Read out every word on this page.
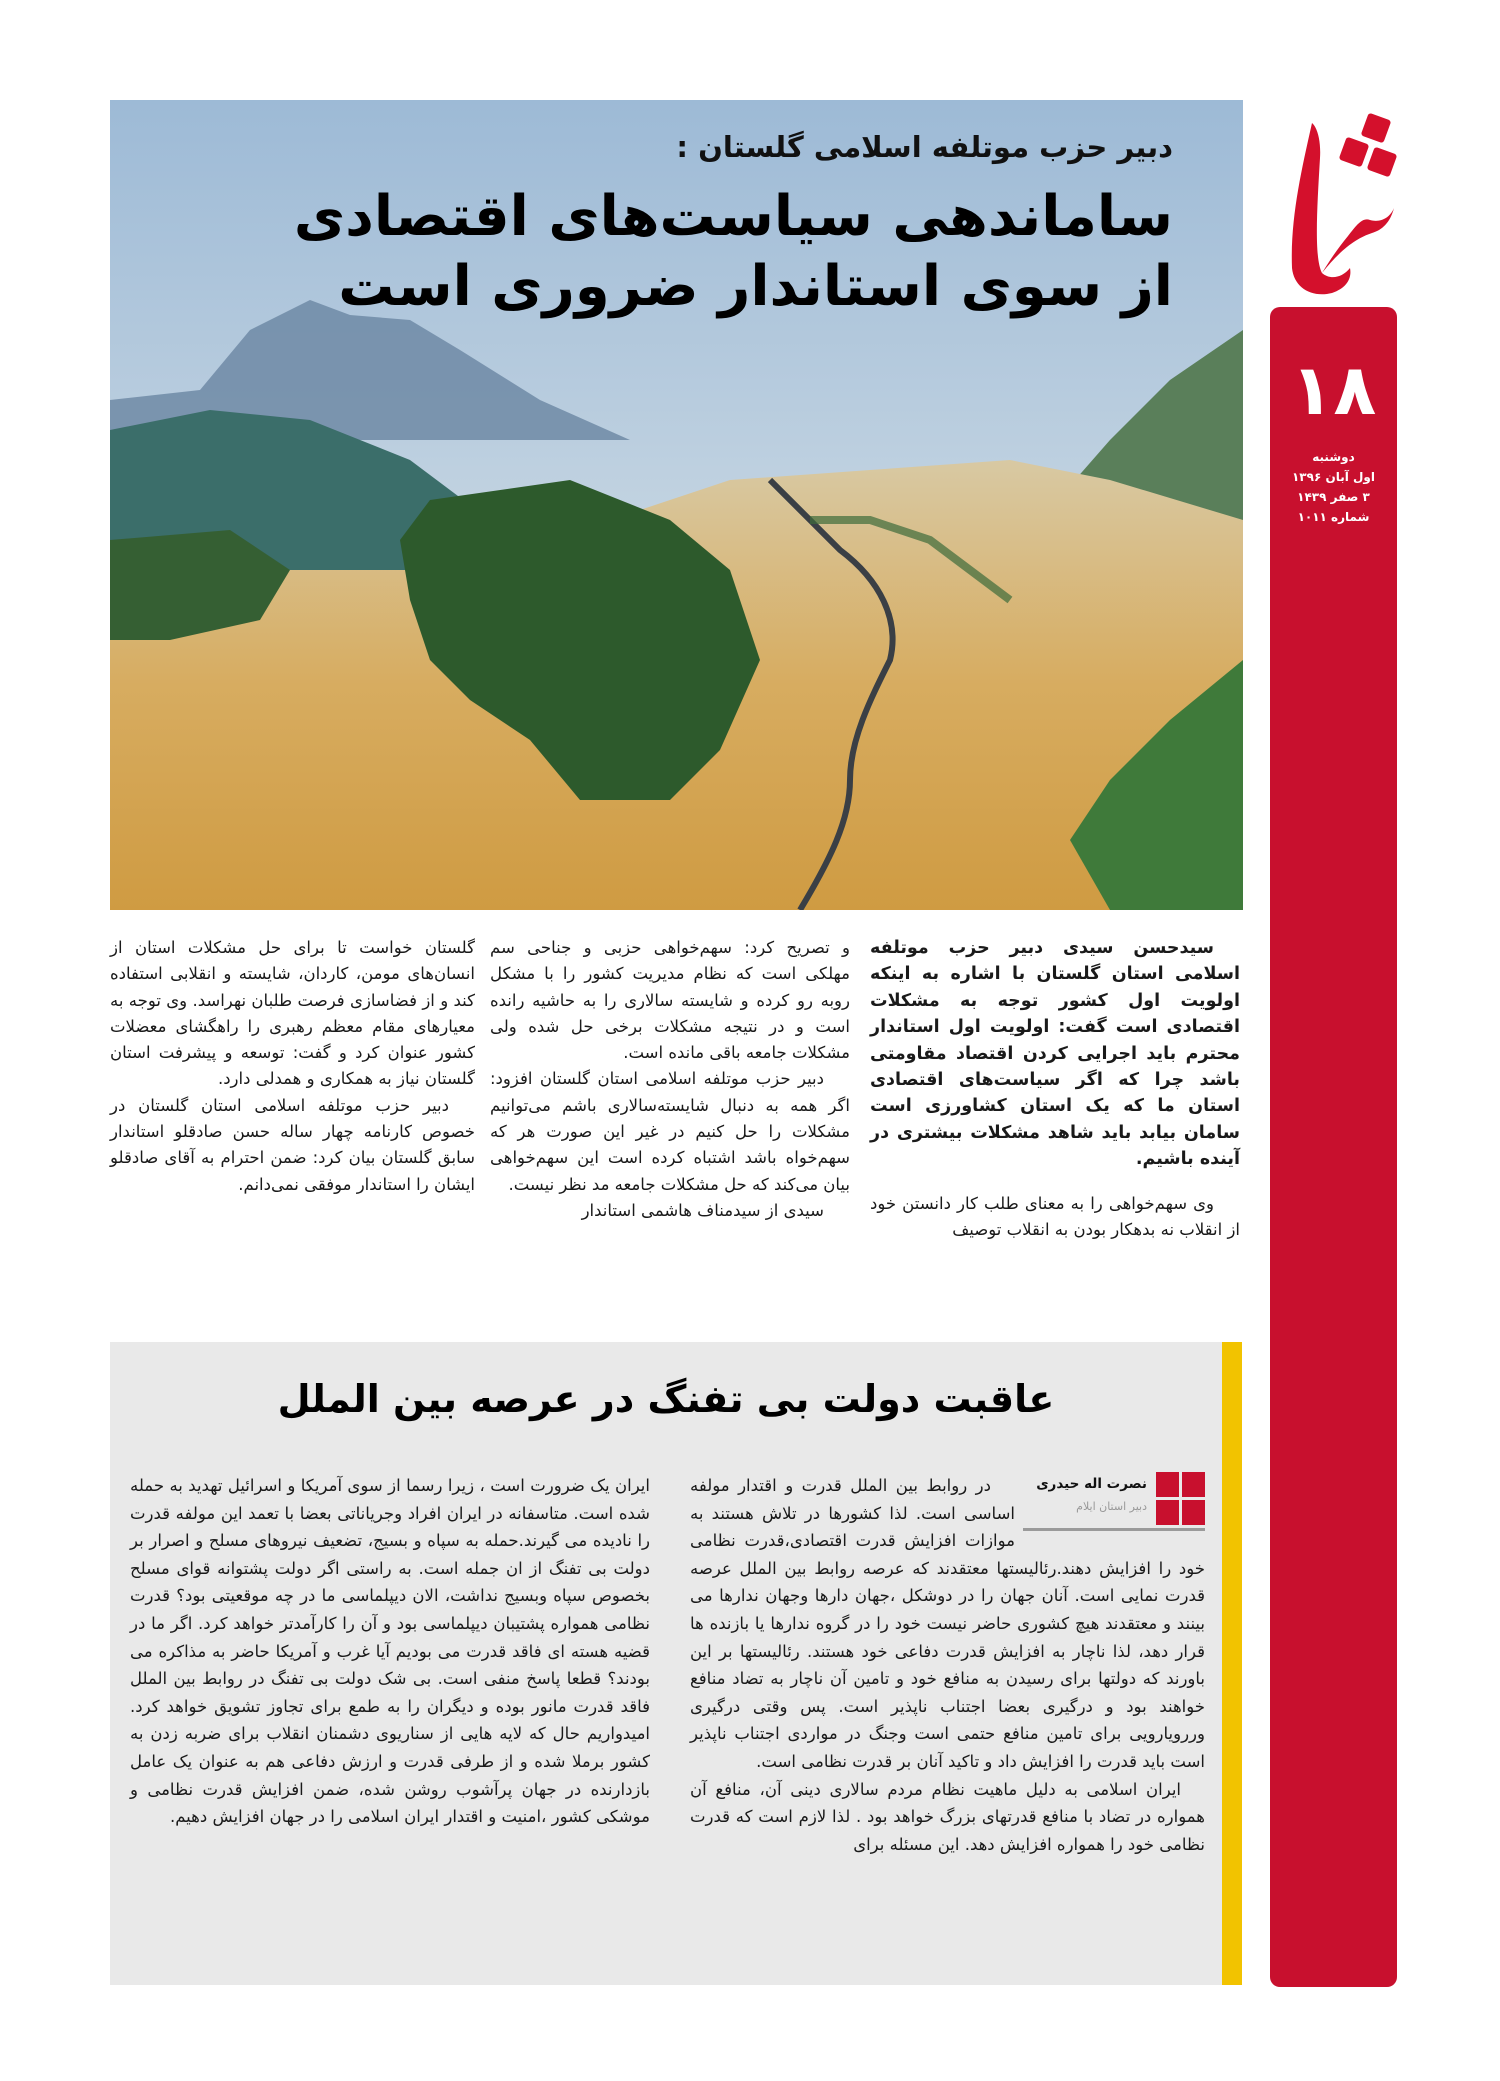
۱۸
دوشنبه
اول آبان ۱۳۹۶
۳ صفر ۱۴۳۹
شماره ۱۰۱۱
دبیر حزب موتلفه اسلامی گلستان :
ساماندهی سیاست‌های اقتصادی
از سوی استاندار ضروری است

سیدحسن سیدی دبیر حزب موتلفه اسلامی استان گلستان با اشاره به اینکه اولویت اول کشور توجه به مشکلات اقتصادی است گفت: اولویت اول استاندار محترم باید اجرایی کردن اقتصاد مقاومتی باشد چرا که اگر سیاست‌های اقتصادی استان ما که یک استان کشاورزی است سامان بیابد باید شاهد مشکلات بیشتری در آینده باشیم.

وی سهم‌خواهی را به معنای طلب کار دانستن خود از انقلاب نه بدهکار بودن به انقلاب توصیف

و تصریح کرد: سهم‌خواهی حزبی و جناحی سم مهلکی است که نظام مدیریت کشور را با مشکل روبه رو کرده و شایسته سالاری را به حاشیه رانده است و در نتیجه مشکلات برخی حل شده ولی مشکلات جامعه باقی مانده است.

دبیر حزب موتلفه اسلامی استان گلستان افزود: اگر همه به دنبال شایسته‌سالاری باشم می‌توانیم مشکلات را حل کنیم در غیر این صورت هر که سهم‌خواه باشد اشتباه کرده است این سهم‌خواهی بیان می‌کند که حل مشکلات جامعه مد نظر نیست.

سیدی از سیدمناف هاشمی استاندار

گلستان خواست تا برای حل مشکلات استان از انسان‌های مومن، کاردان، شایسته و انقلابی استفاده کند و از فضاسازی فرصت طلبان نهراسد. وی توجه به معیارهای مقام معظم رهبری را راهگشای معضلات کشور عنوان کرد و گفت: توسعه و پیشرفت استان گلستان نیاز به همکاری و همدلی دارد.

دبیر حزب موتلفه اسلامی استان گلستان در خصوص کارنامه چهار ساله حسن صادقلو استاندار سابق گلستان بیان کرد: ضمن احترام به آقای صادقلو ایشان را استاندار موفقی نمی‌دانم.

عاقبت دولت بی تفنگ در عرصه بین الملل
نصرت اله حیدری
دبیر استان ایلام

در روابط بین الملل قدرت و اقتدار مولفه اساسی است. لذا کشورها در تلاش هستند به موازات افزایش قدرت اقتصادی،قدرت نظامی خود را افزایش دهند.رئالیستها معتقدند که عرصه روابط بین الملل عرصه قدرت نمایی است. آنان جهان را در دوشکل ،جهان دارها وجهان ندارها می بینند و معتقدند هیچ کشوری حاضر نیست خود را در گروه ندارها یا بازنده ها قرار دهد، لذا ناچار به افزایش قدرت دفاعی خود هستند. رئالیستها بر این باورند که دولتها برای رسیدن به منافع خود و تامین آن ناچار به تضاد منافع خواهند بود و درگیری بعضا اجتناب ناپذیر است. پس وقتی درگیری وررویارویی برای تامین منافع حتمی است وجنگ در مواردی اجتناب ناپذیر است باید قدرت را افزایش داد و تاکید آنان بر قدرت نظامی است.

ایران اسلامی به دلیل ماهیت نظام مردم سالاری دینی آن، منافع آن همواره در تضاد با منافع قدرتهای بزرگ خواهد بود . لذا لازم است که قدرت نظامی خود را همواره افزایش دهد. این مسئله برای

ایران یک ضرورت است ، زیرا رسما از سوی آمریکا و اسرائیل تهدید به حمله شده است. متاسفانه در ایران افراد وجریاناتی بعضا با تعمد این مولفه قدرت را نادیده می گیرند.حمله به سپاه و بسیج، تضعیف نیروهای مسلح و اصرار بر دولت بی تفنگ از ان جمله است. به راستی اگر دولت پشتوانه قوای مسلح بخصوص سپاه وبسیج نداشت، الان دیپلماسی ما در چه موقعیتی بود؟ قدرت نظامی همواره پشتیبان دیپلماسی بود و آن را کارآمدتر خواهد کرد. اگر ما در قضیه هسته ای فاقد قدرت می بودیم آیا غرب و آمریکا حاضر به مذاکره می بودند؟ قطعا پاسخ منفی است. بی شک دولت بی تفنگ در روابط بین الملل فاقد قدرت مانور بوده و دیگران را به طمع برای تجاوز تشویق خواهد کرد. امیدواریم حال که لایه هایی از سناریوی دشمنان انقلاب برای ضربه زدن به کشور برملا شده و از طرفی قدرت و ارزش دفاعی هم به عنوان یک عامل بازدارنده در جهان پرآشوب روشن شده، ضمن افزایش قدرت نظامی و موشکی کشور ،امنیت و اقتدار ایران اسلامی را در جهان افزایش دهیم.
